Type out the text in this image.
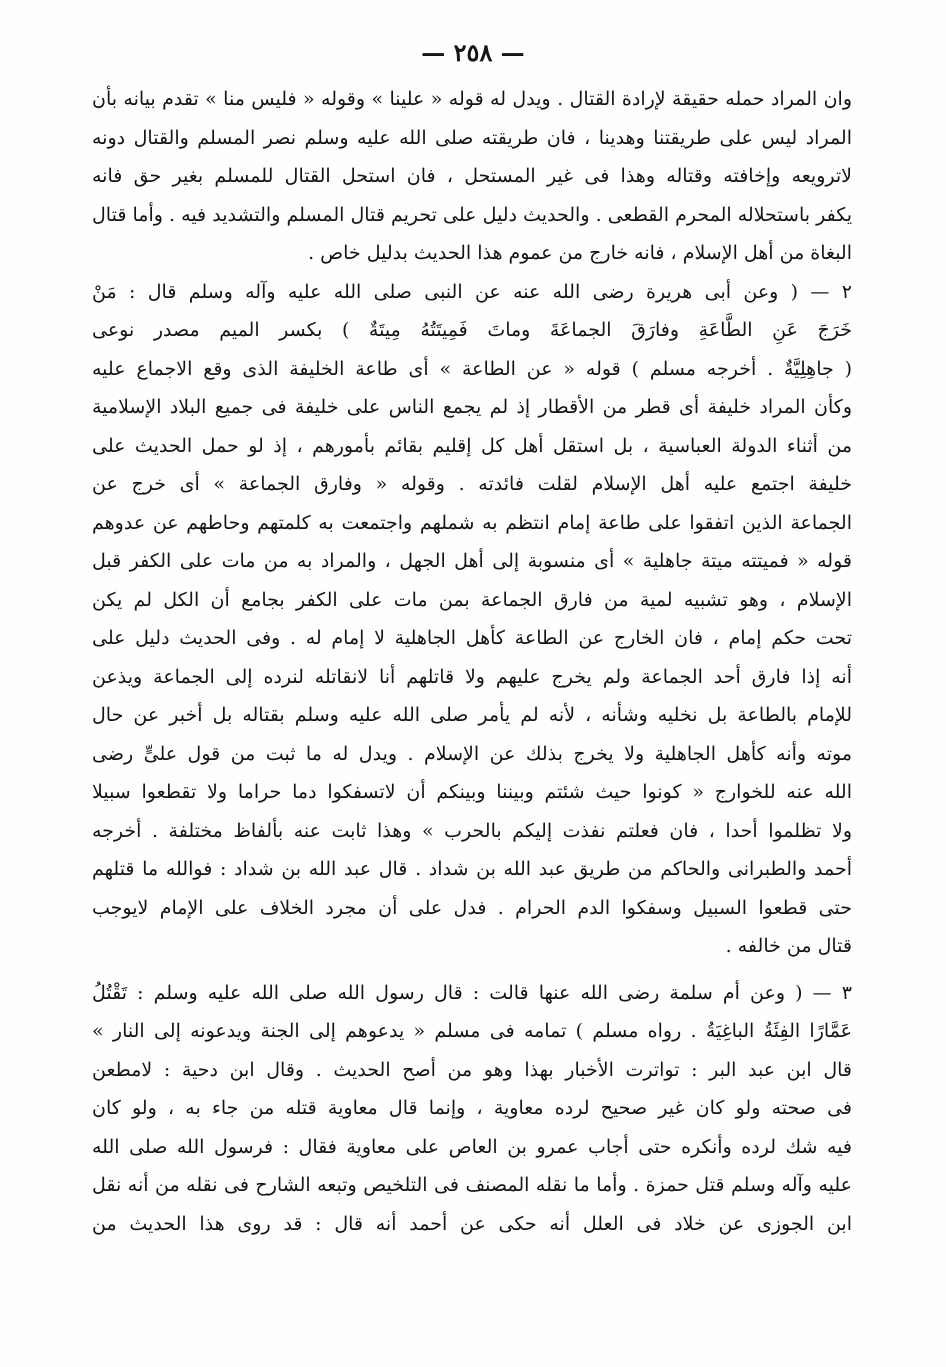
— ٢٥٨ —
وان المراد حمله حقيقة لإرادة القتال . ويدل له قوله « علينا » وقوله « فليس منا » تقدم بيانه بأن
المراد ليس على طريقتنا وهدينا ، فان طريقته صلى الله عليه وسلم نصر المسلم والقتال دونه
لاترويعه وإخافته وقتاله وهذا فى غير المستحل ، فان استحل القتال للمسلم بغير حق فانه
يكفر باستحلاله المحرم القطعى . والحديث دليل على تحريم قتال المسلم والتشديد فيه . وأما قتال
البغاة من أهل الإسلام ، فانه خارج من عموم هذا الحديث بدليل خاص .
٢ — ( وعن أبى هريرة رضى الله عنه عن النبى صلى الله عليه وآله وسلم قال : مَنْ
خَرَجَ عَنِ الطَّاعَةِ وفارَقَ الجماعَةَ وماتَ فَمِيتَتُهُ مِيتَةٌ ) بكسر الميم مصدر نوعى
( جاهِلِيَّةٌ . أخرجه مسلم ) قوله « عن الطاعة » أى طاعة الخليفة الذى وقع الاجماع عليه
وكأن المراد خليفة أى قطر من الأقطار إذ لم يجمع الناس على خليفة فى جميع البلاد الإسلامية
من أثناء الدولة العباسية ، بل استقل أهل كل إقليم بقائم بأمورهم ، إذ لو حمل الحديث على
خليفة اجتمع عليه أهل الإسلام لقلت فائدته . وقوله « وفارق الجماعة » أى خرج عن
الجماعة الذين اتفقوا على طاعة إمام انتظم به شملهم واجتمعت به كلمتهم وحاطهم عن عدوهم
قوله « فميتته ميتة جاهلية » أى منسوبة إلى أهل الجهل ، والمراد به من مات على الكفر قبل
الإسلام ، وهو تشبيه لمية من فارق الجماعة بمن مات على الكفر بجامع أن الكل لم يكن
تحت حكم إمام ، فان الخارج عن الطاعة كأهل الجاهلية لا إمام له . وفى الحديث دليل على
أنه إذا فارق أحد الجماعة ولم يخرج عليهم ولا قاتلهم أنا لانقاتله لنرده إلى الجماعة ويذعن
للإمام بالطاعة بل نخليه وشأنه ، لأنه لم يأمر صلى الله عليه وسلم بقتاله بل أخبر عن حال
موته وأنه كأهل الجاهلية ولا يخرج بذلك عن الإسلام . ويدل له ما ثبت من قول علىٍّ رضى
الله عنه للخوارج « كونوا حيث شئتم وبيننا وبينكم أن لاتسفكوا دما حراما ولا تقطعوا سبيلا
ولا تظلموا أحدا ، فان فعلتم نفذت إليكم بالحرب » وهذا ثابت عنه بألفاظ مختلفة . أخرجه
أحمد والطبرانى والحاكم من طريق عبد الله بن شداد . قال عبد الله بن شداد : فوالله ما قتلهم
حتى قطعوا السبيل وسفكوا الدم الحرام . فدل على أن مجرد الخلاف على الإمام لايوجب
قتال من خالفه .
٣ — ( وعن أم سلمة رضى الله عنها قالت : قال رسول الله صلى الله عليه وسلم : تَقْتُلُ
عَمَّارًا الفِئَةُ الباغِيَةُ . رواه مسلم ) تمامه فى مسلم « يدعوهم إلى الجنة ويدعونه إلى النار »
قال ابن عبد البر : تواترت الأخبار بهذا وهو من أصح الحديث . وقال ابن دحية : لامطعن
فى صحته ولو كان غير صحيح لرده معاوية ، وإنما قال معاوية قتله من جاء به ، ولو كان
فيه شك لرده وأنكره حتى أجاب عمرو بن العاص على معاوية فقال : فرسول الله صلى الله
عليه وآله وسلم قتل حمزة . وأما ما نقله المصنف فى التلخيص وتبعه الشارح فى نقله من أنه نقل
ابن الجوزى عن خلاد فى العلل أنه حكى عن أحمد أنه قال : قد روى هذا الحديث من
